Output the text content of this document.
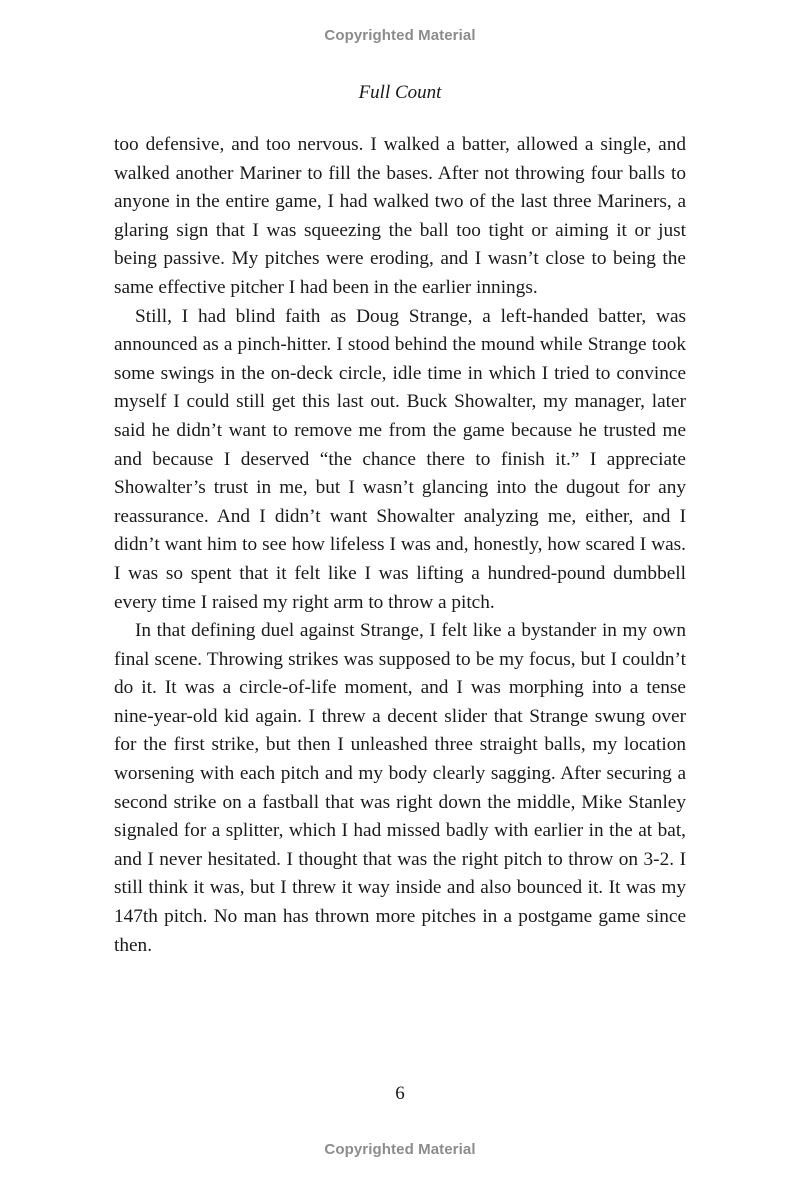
Copyrighted Material
Full Count

too defensive, and too nervous. I walked a batter, allowed a single, and walked another Mariner to fill the bases. After not throwing four balls to anyone in the entire game, I had walked two of the last three Mariners, a glaring sign that I was squeezing the ball too tight or aiming it or just being passive. My pitches were eroding, and I wasn’t close to being the same effective pitcher I had been in the earlier innings.

Still, I had blind faith as Doug Strange, a left-handed batter, was announced as a pinch-hitter. I stood behind the mound while Strange took some swings in the on-deck circle, idle time in which I tried to convince myself I could still get this last out. Buck Showalter, my manager, later said he didn’t want to remove me from the game because he trusted me and because I deserved “the chance there to finish it.” I appreciate Showalter’s trust in me, but I wasn’t glancing into the dugout for any reassurance. And I didn’t want Showalter analyzing me, either, and I didn’t want him to see how lifeless I was and, honestly, how scared I was. I was so spent that it felt like I was lifting a hundred-pound dumbbell every time I raised my right arm to throw a pitch.

In that defining duel against Strange, I felt like a bystander in my own final scene. Throwing strikes was supposed to be my focus, but I couldn’t do it. It was a circle-of-life moment, and I was morphing into a tense nine-year-old kid again. I threw a decent slider that Strange swung over for the first strike, but then I unleashed three straight balls, my location worsening with each pitch and my body clearly sagging. After securing a second strike on a fastball that was right down the middle, Mike Stanley signaled for a splitter, which I had missed badly with earlier in the at bat, and I never hesitated. I thought that was the right pitch to throw on 3-2. I still think it was, but I threw it way inside and also bounced it. It was my 147th pitch. No man has thrown more pitches in a postgame game since then.

6
Copyrighted Material
